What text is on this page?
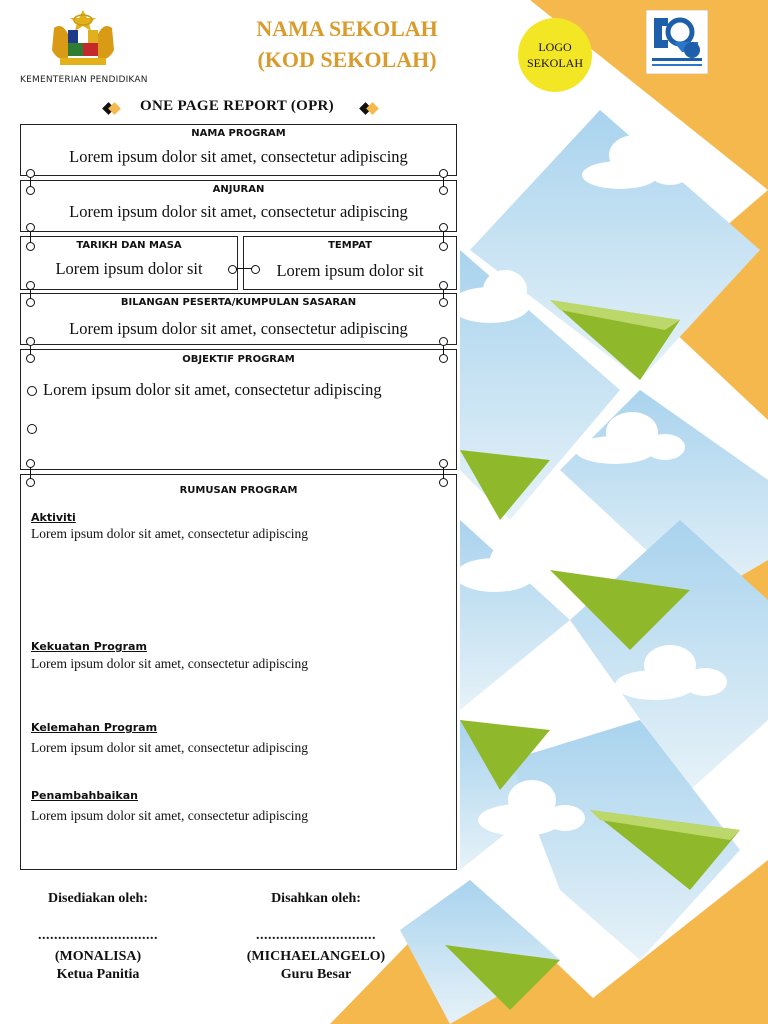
KEMENTERIAN PENDIDIKAN
NAMA SEKOLAH
(KOD SEKOLAH)	LOGO
SEKOLAH
ONE PAGE REPORT (OPR)
NAMA PROGRAM
Lorem ipsum dolor sit amet, consectetur adipiscing
ANJURAN
Lorem ipsum dolor sit amet, consectetur adipiscing
TARIKH DAN MASA
Lorem ipsum dolor sit
TEMPAT
Lorem ipsum dolor sit
BILANGAN PESERTA/KUMPULAN SASARAN
Lorem ipsum dolor sit amet, consectetur adipiscing
OBJEKTIF PROGRAM
Lorem ipsum dolor sit amet, consectetur adipiscing
RUMUSAN PROGRAM
Aktiviti
Lorem ipsum dolor sit amet, consectetur adipiscing
Kekuatan Program
Lorem ipsum dolor sit amet, consectetur adipiscing
Kelemahan Program
Lorem ipsum dolor sit amet, consectetur adipiscing
Penambahbaikan
Lorem ipsum dolor sit amet, consectetur adipiscing
Disediakan oleh:
..............................
(MONALISA)
Ketua Panitia
Disahkan oleh:
..............................
(MICHAELANGELO)
Guru Besar
